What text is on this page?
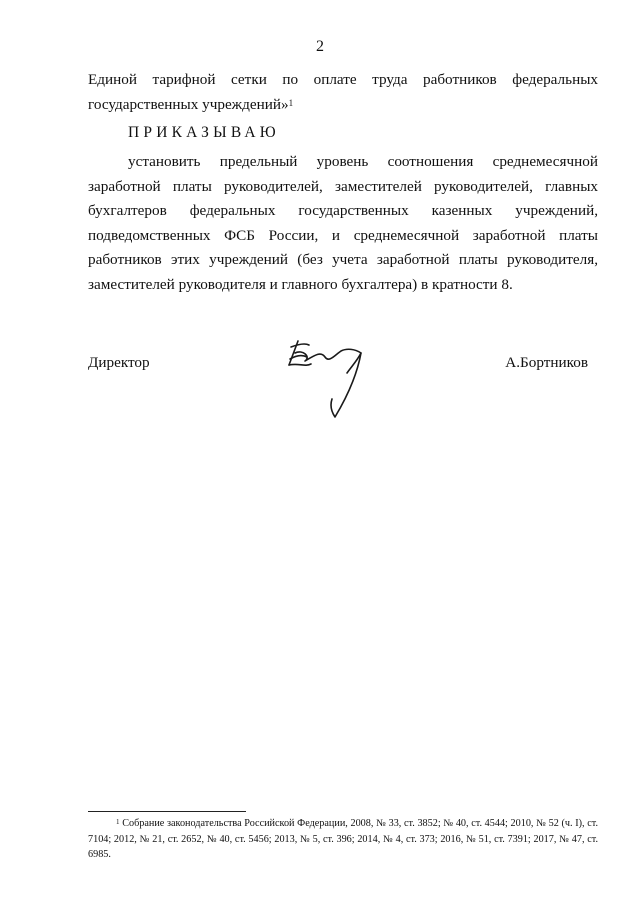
2

Единой тарифной сетки по оплате труда работников федеральных государственных учреждений»$^1$

ПРИКАЗЫВАЮ

установить предельный уровень соотношения среднемесячной заработной платы руководителей, заместителей руководителей, главных бухгалтеров федеральных государственных казенных учреждений, подведомственных ФСБ России, и среднемесячной заработной платы работников этих учреждений (без учета заработной платы руководителя, заместителей руководителя и главного бухгалтера) в кратности 8.

Директор	А.Бортников

$^1$ Собрание законодательства Российской Федерации, 2008, № 33, ст. 3852; № 40, ст. 4544; 2010, № 52 (ч. I), ст. 7104; 2012, № 21, ст. 2652, № 40, ст. 5456; 2013, № 5, ст. 396; 2014, № 4, ст. 373; 2016, № 51, ст. 7391; 2017, № 47, ст. 6985.
